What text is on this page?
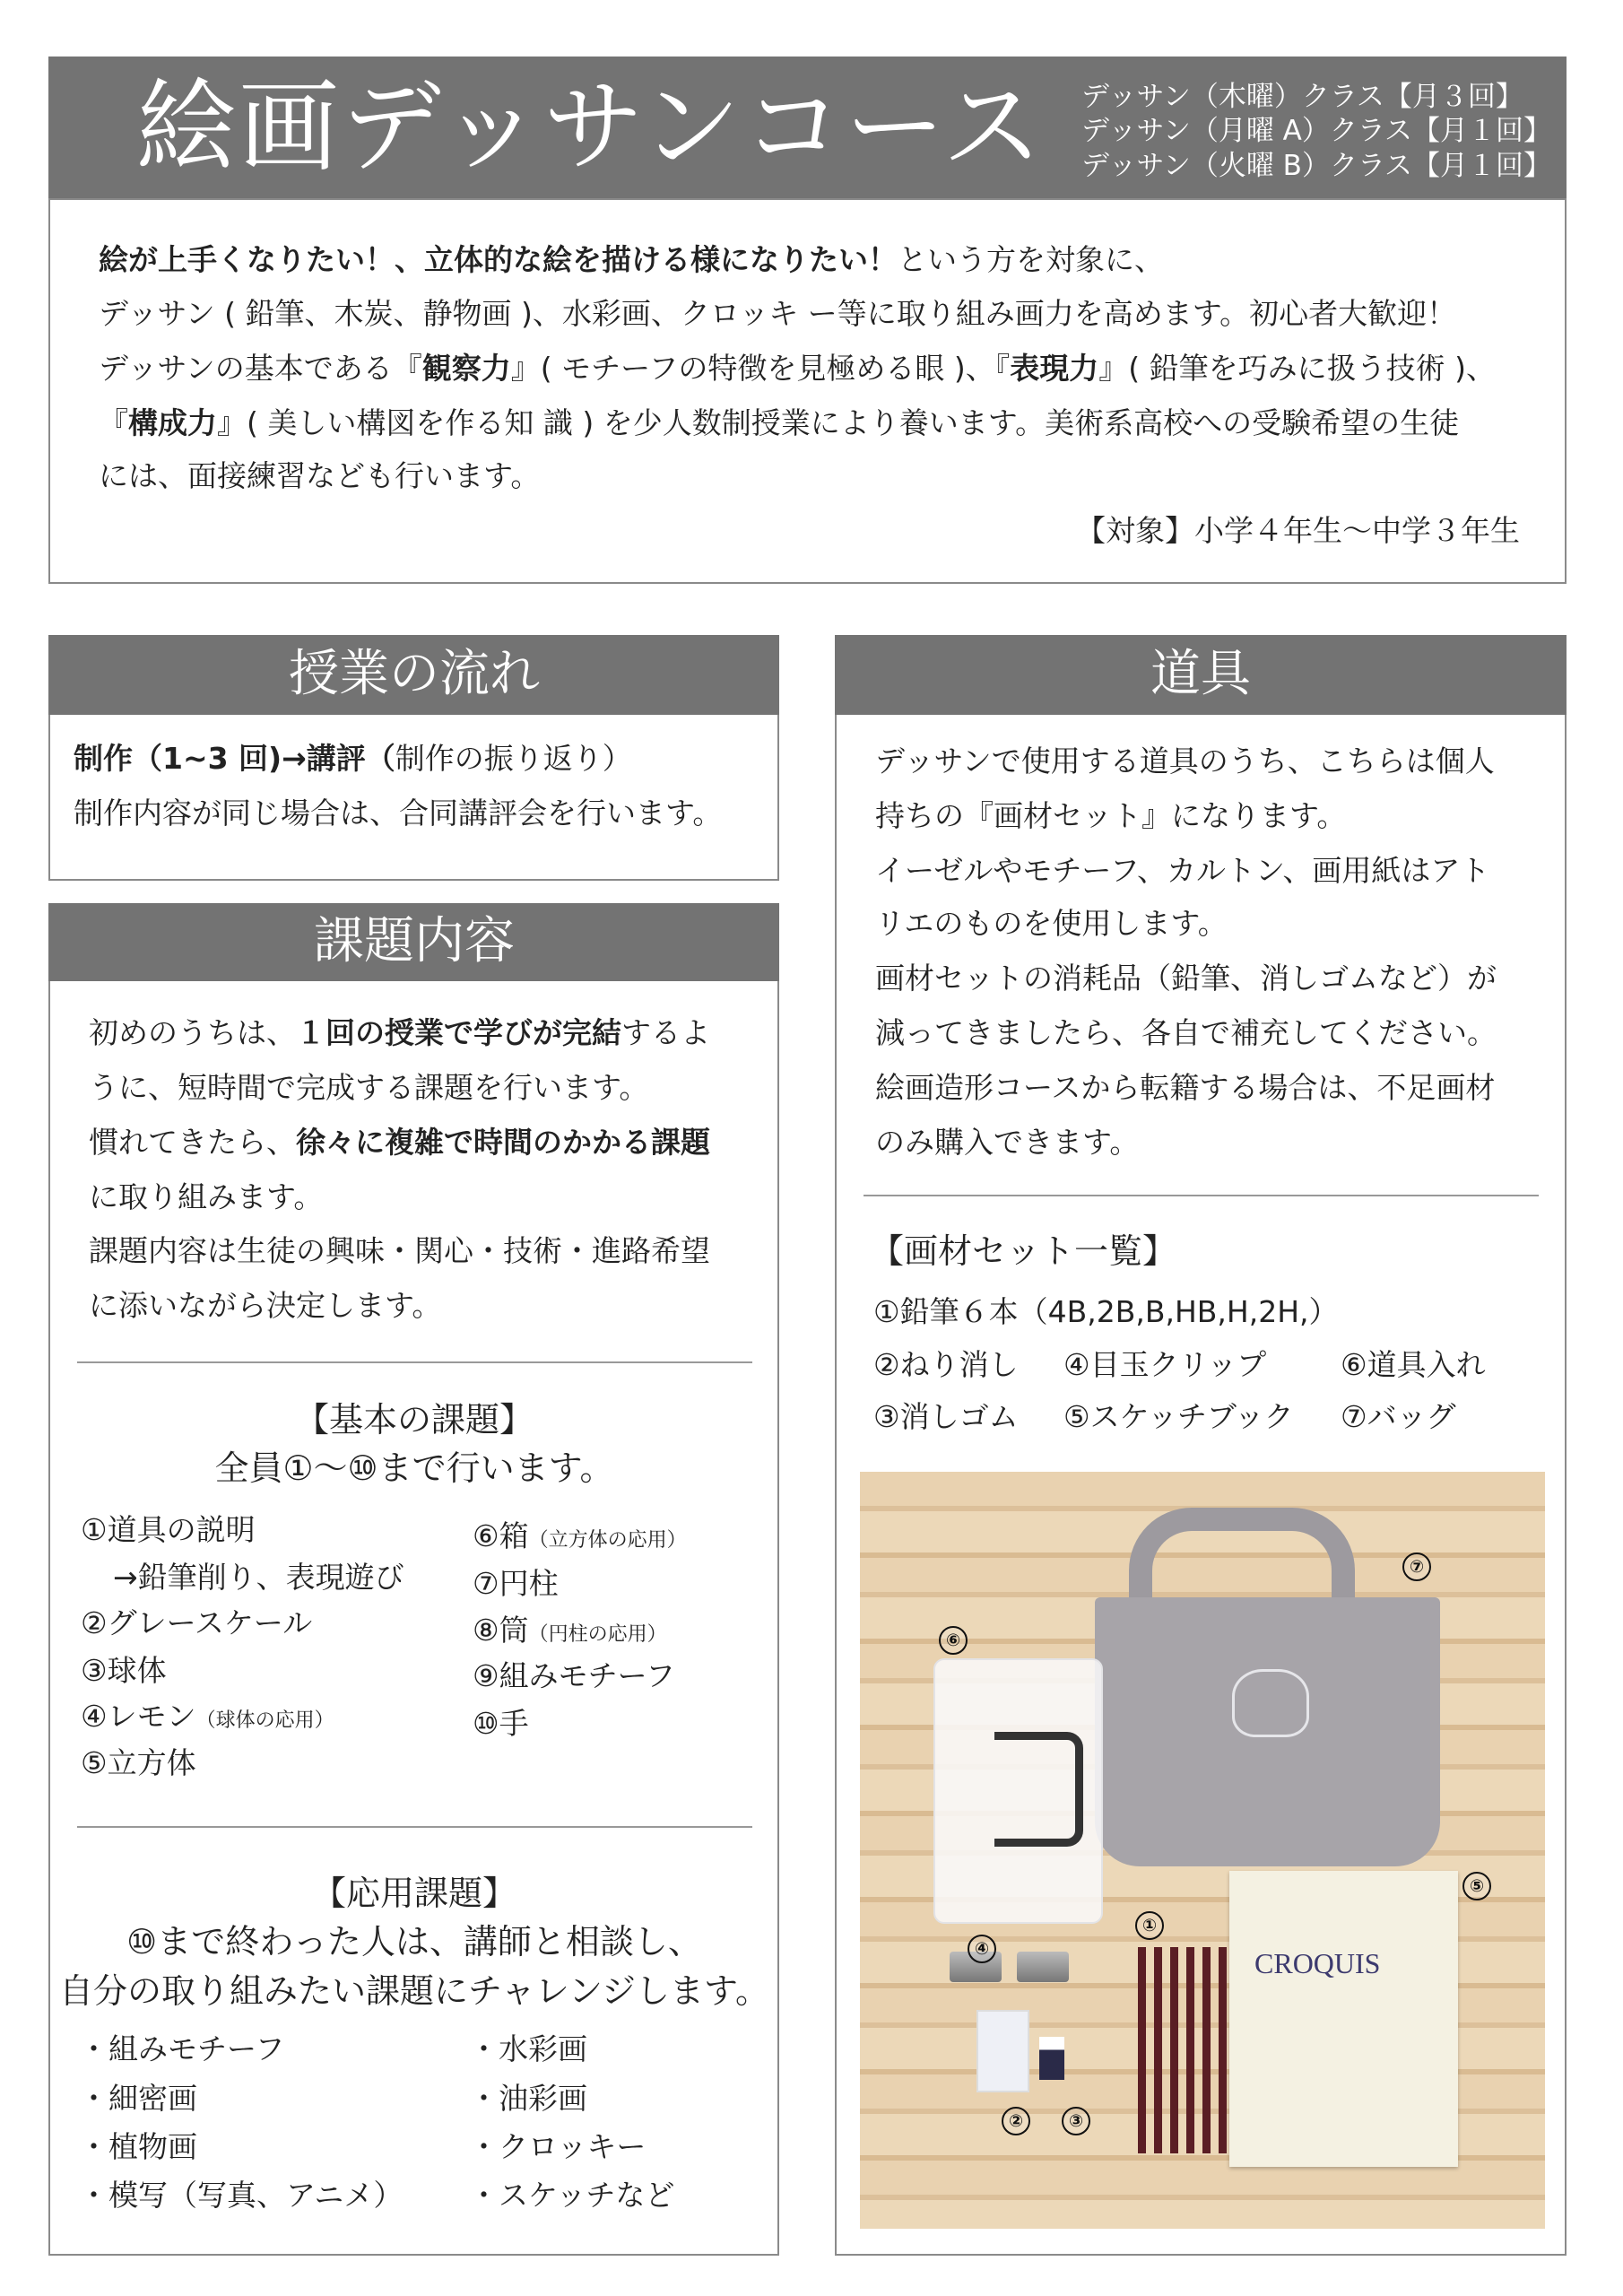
絵画デッサンコース デッサン（木曜）クラス【月３回】
デッサン（月曜 A）クラス【月１回】
デッサン（火曜 B）クラス【月１回】
絵が上手くなりたい！、立体的な絵を描ける様になりたい！という方を対象に、
デッサン ( 鉛筆、木炭、静物画 )、水彩画、クロッキ ー等に取り組み画力を高めます。初心者大歓迎！
デッサンの基本である『観察力』( モチーフの特徴を見極める眼 )、『表現力』( 鉛筆を巧みに扱う技術 )、
『構成力』( 美しい構図を作る知 識 ) を少人数制授業により養います。美術系高校への受験希望の生徒
には、面接練習なども行います。
【対象】小学４年生～中学３年生
授業の流れ
制作（1~3 回)→講評（制作の振り返り）
制作内容が同じ場合は、合同講評会を行います。
課題内容
初めのうちは、１回の授業で学びが完結するよ
うに、短時間で完成する課題を行います。
慣れてきたら、徐々に複雑で時間のかかる課題
に取り組みます。
課題内容は生徒の興味・関心・技術・進路希望
に添いながら決定します。
【基本の課題】
全員①～⑩まで行います。
①道具の説明
→鉛筆削り、表現遊び
②グレースケール
③球体
④レモン（球体の応用）
⑤立方体
⑥箱（立方体の応用）
⑦円柱
⑧筒（円柱の応用）
⑨組みモチーフ
⑩手
【応用課題】
⑩まで終わった人は、講師と相談し、
自分の取り組みたい課題にチャレンジします。
・組みモチーフ
・細密画
・植物画
・模写（写真、アニメ）
・水彩画
・油彩画
・クロッキー
・スケッチなど
道具
デッサンで使用する道具のうち、こちらは個人
持ちの『画材セット』になります。
イーゼルやモチーフ、カルトン、画用紙はアト
リエのものを使用します。
画材セットの消耗品（鉛筆、消しゴムなど）が
減ってきましたら、各自で補充してください。
絵画造形コースから転籍する場合は、不足画材
のみ購入できます。
【画材セット一覧】
①鉛筆６本（4B,2B,B,HB,H,2H,）
②ねり消し ④目玉クリップ	⑥道具入れ
③消しゴム ⑤スケッチブック ⑦バッグ
CROQUIS
①
②	③
④
⑤
⑥
⑦
